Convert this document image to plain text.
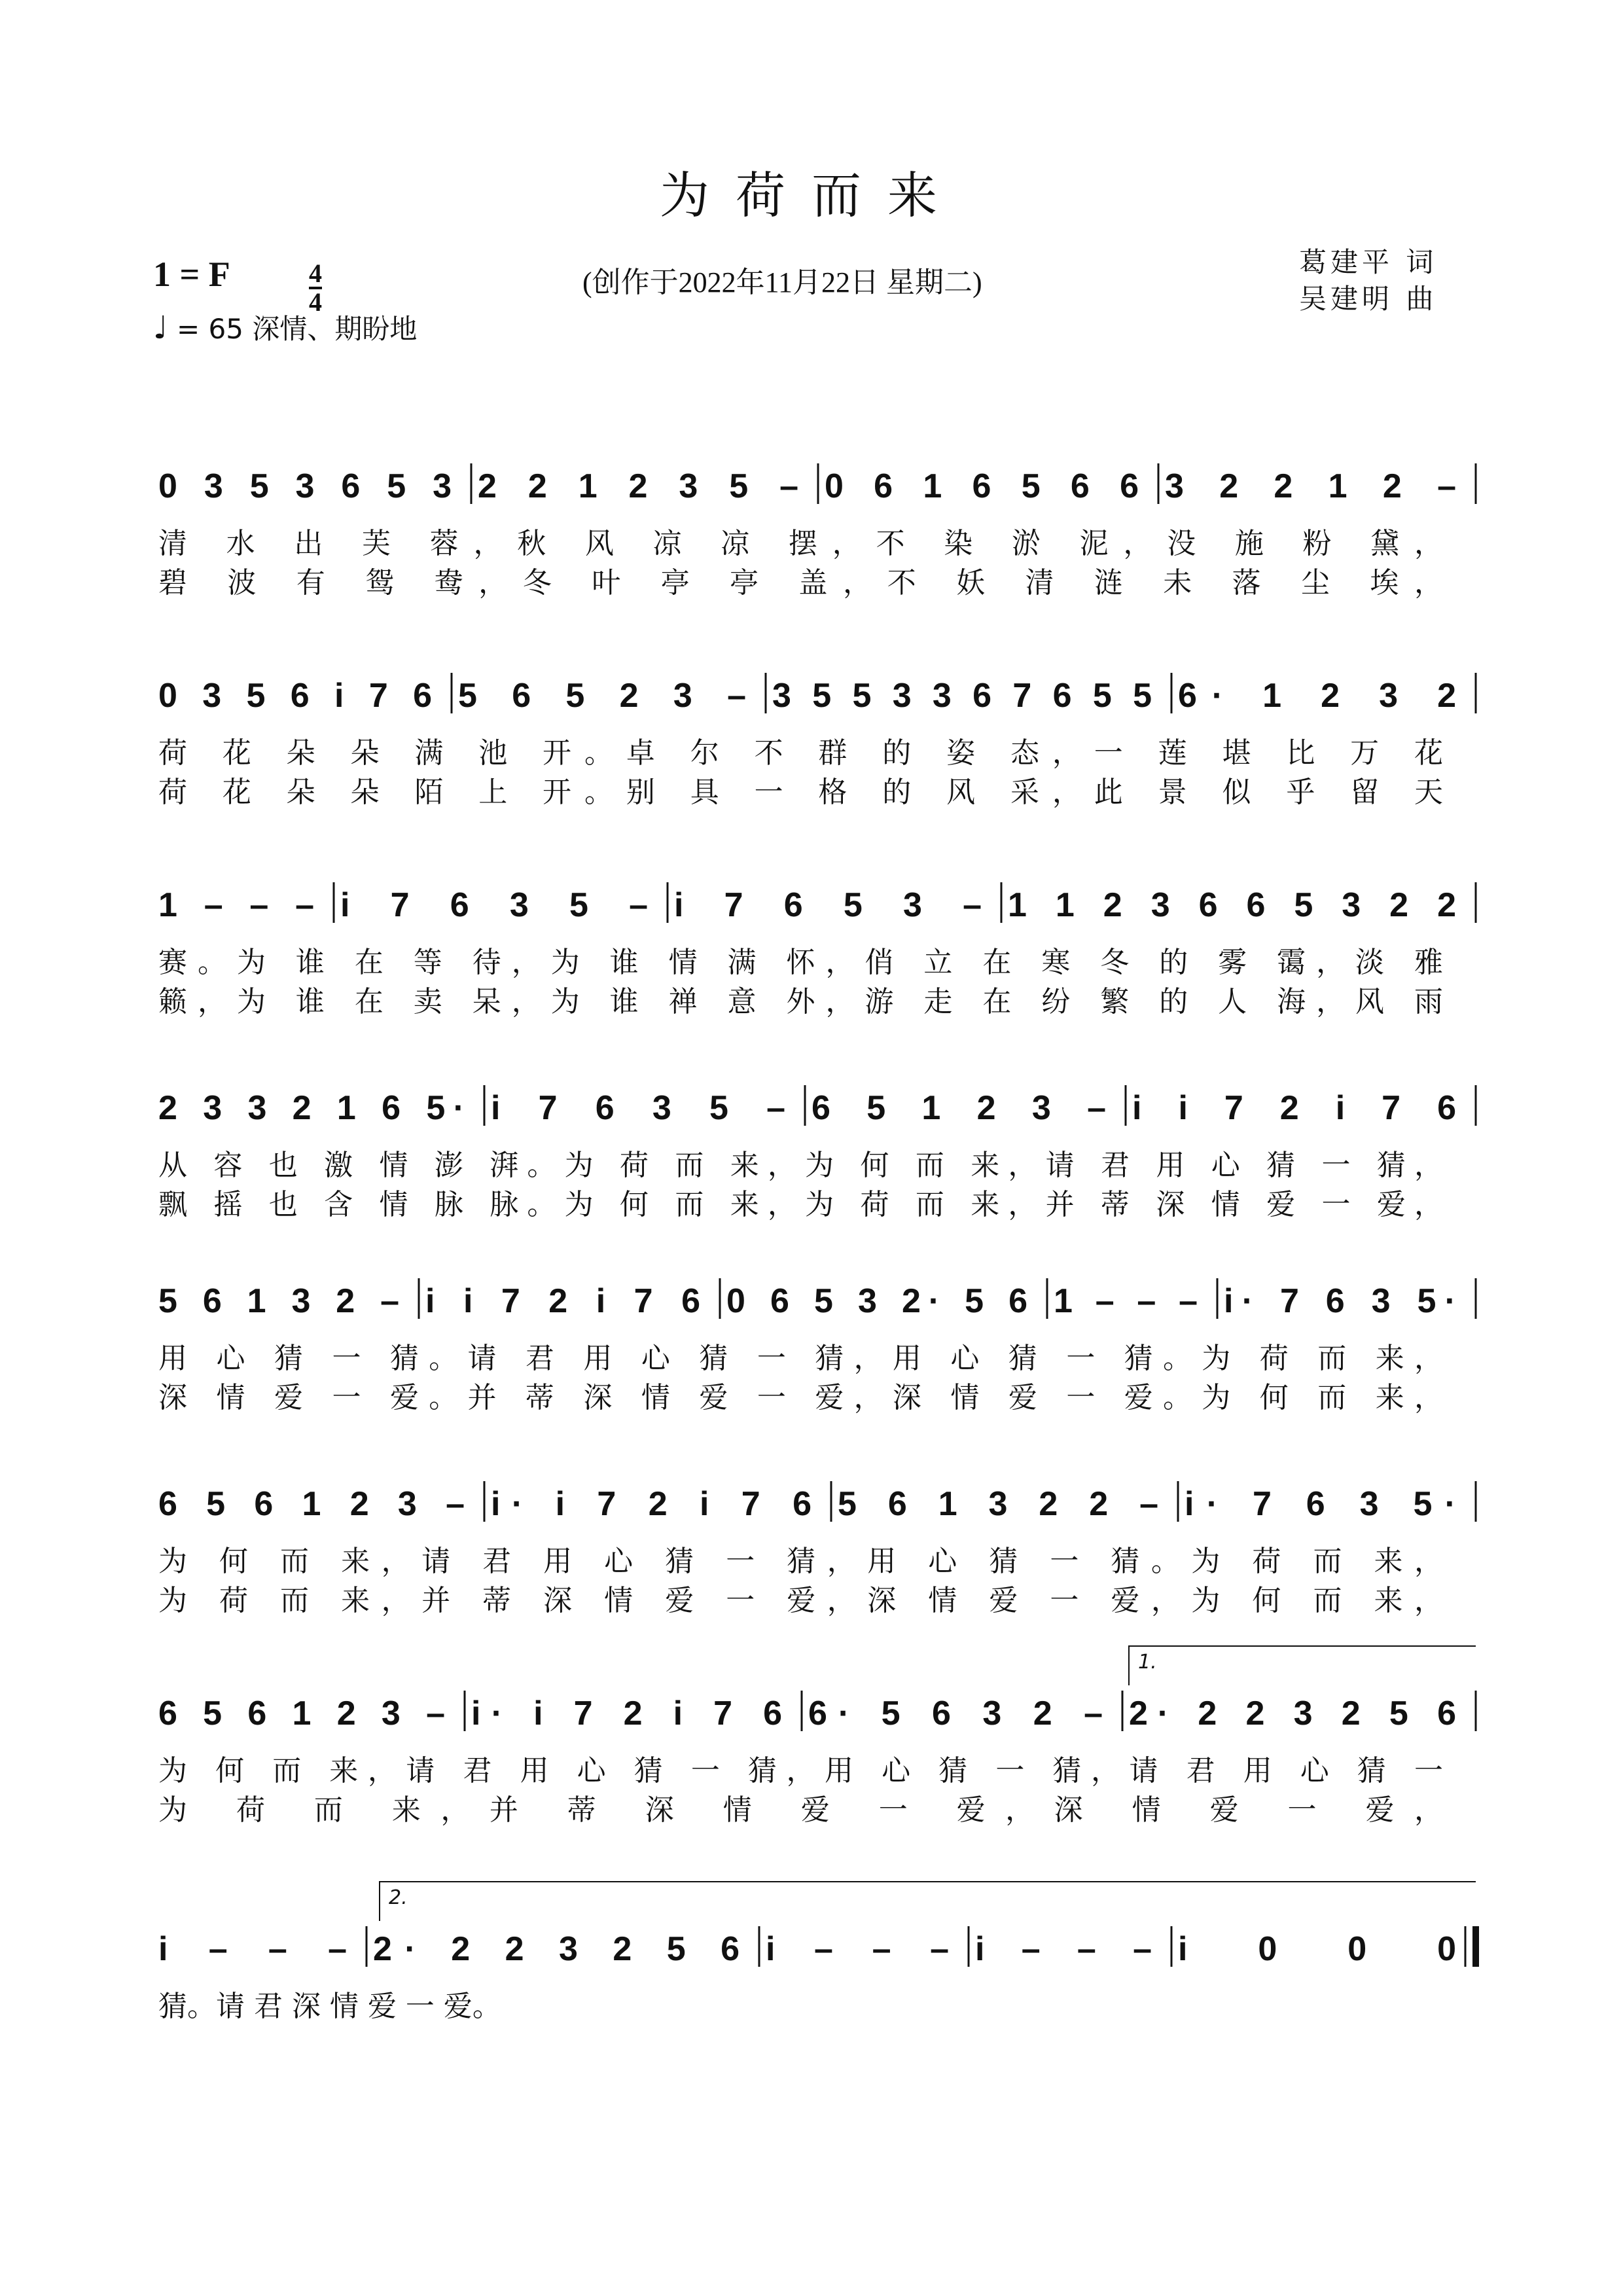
为荷而来
1 = F	4
4
♩ = 65 深情、期盼地
(创作于2022年11月22日 星期二)
葛建平 词
吴建明 曲
0 3 5 3 6 5 3 2 2 1 2 3 5 – 0 6 1 6 5 6 6 3 2 2 1 2 –
清 水 出 芙 蓉，秋 风 凉 凉 摆，不 染 淤 泥，没 施 粉 黛，
碧 波 有 鸳 鸯，冬 叶 亭 亭 盖，不 妖 清 涟 未 落 尘 埃，
0 3 5 6 i 7 6 5 6 5 2 3 – 3 5 5 3 3 6 7 6 5 5 6· 1 2 3 2
荷 花 朵 朵 满 池 开。卓 尔 不 群 的 姿 态，一 莲 堪 比 万 花
荷 花 朵 朵 陌 上 开。别 具 一 格 的 风 采，此 景 似 乎 留 天
1 – – – i 7 6 3 5 – i 7 6 5 3 – 1 1 2 3 6 6 5 3 2 2
赛。为 谁 在 等 待，为 谁 情 满 怀，俏 立 在 寒 冬 的 雾 霭，淡 雅
籁，为 谁 在 卖 呆，为 谁 禅 意 外，游 走 在 纷 繁 的 人 海，风 雨
2 3 3 2 1 6 5· i 7 6 3 5 – 6 5 1 2 3 – i i 7 2 i 7 6
从 容 也 激 情 澎 湃。为 荷 而 来，为 何 而 来，请 君 用 心 猜 一 猜，
飘 摇 也 含 情 脉 脉。为 何 而 来，为 荷 而 来，并 蒂 深 情 爱 一 爱，
5 6 1 3 2 – i i 7 2 i 7 6 0 6 5 3 2· 5 6 1 – – – i· 7 6 3 5·
用 心 猜 一 猜。请 君 用 心 猜 一 猜，用 心 猜 一 猜。为 荷 而 来，
深 情 爱 一 爱。并 蒂 深 情 爱 一 爱，深 情 爱 一 爱。为 何 而 来，
6 5 6 1 2 3 – i· i 7 2 i 7 6 5 6 1 3 2 2 – i· 7 6 3 5·
为 何 而 来，请 君 用 心 猜 一 猜，用 心 猜 一 猜。为 荷 而 来，
为 荷 而 来，并 蒂 深 情 爱 一 爱，深 情 爱 一 爱，为 何 而 来，
6 5 6 1 2 3 – i· i 7 2 i 7 6 6· 5 6 3 2 – 2· 2 2 3 2 5 6
为 何 而 来，请 君 用 心 猜 一 猜，用 心 猜 一 猜，请 君 用 心 猜 一
为 荷 而 来，并 蒂 深 情 爱 一 爱，深 情 爱 一 爱，
1.
i – – – 2· 2 2 3 2 5 6 i – – – i – – – i 0 0 0
猜。请 君 深 情 爱 一 爱。
2.
